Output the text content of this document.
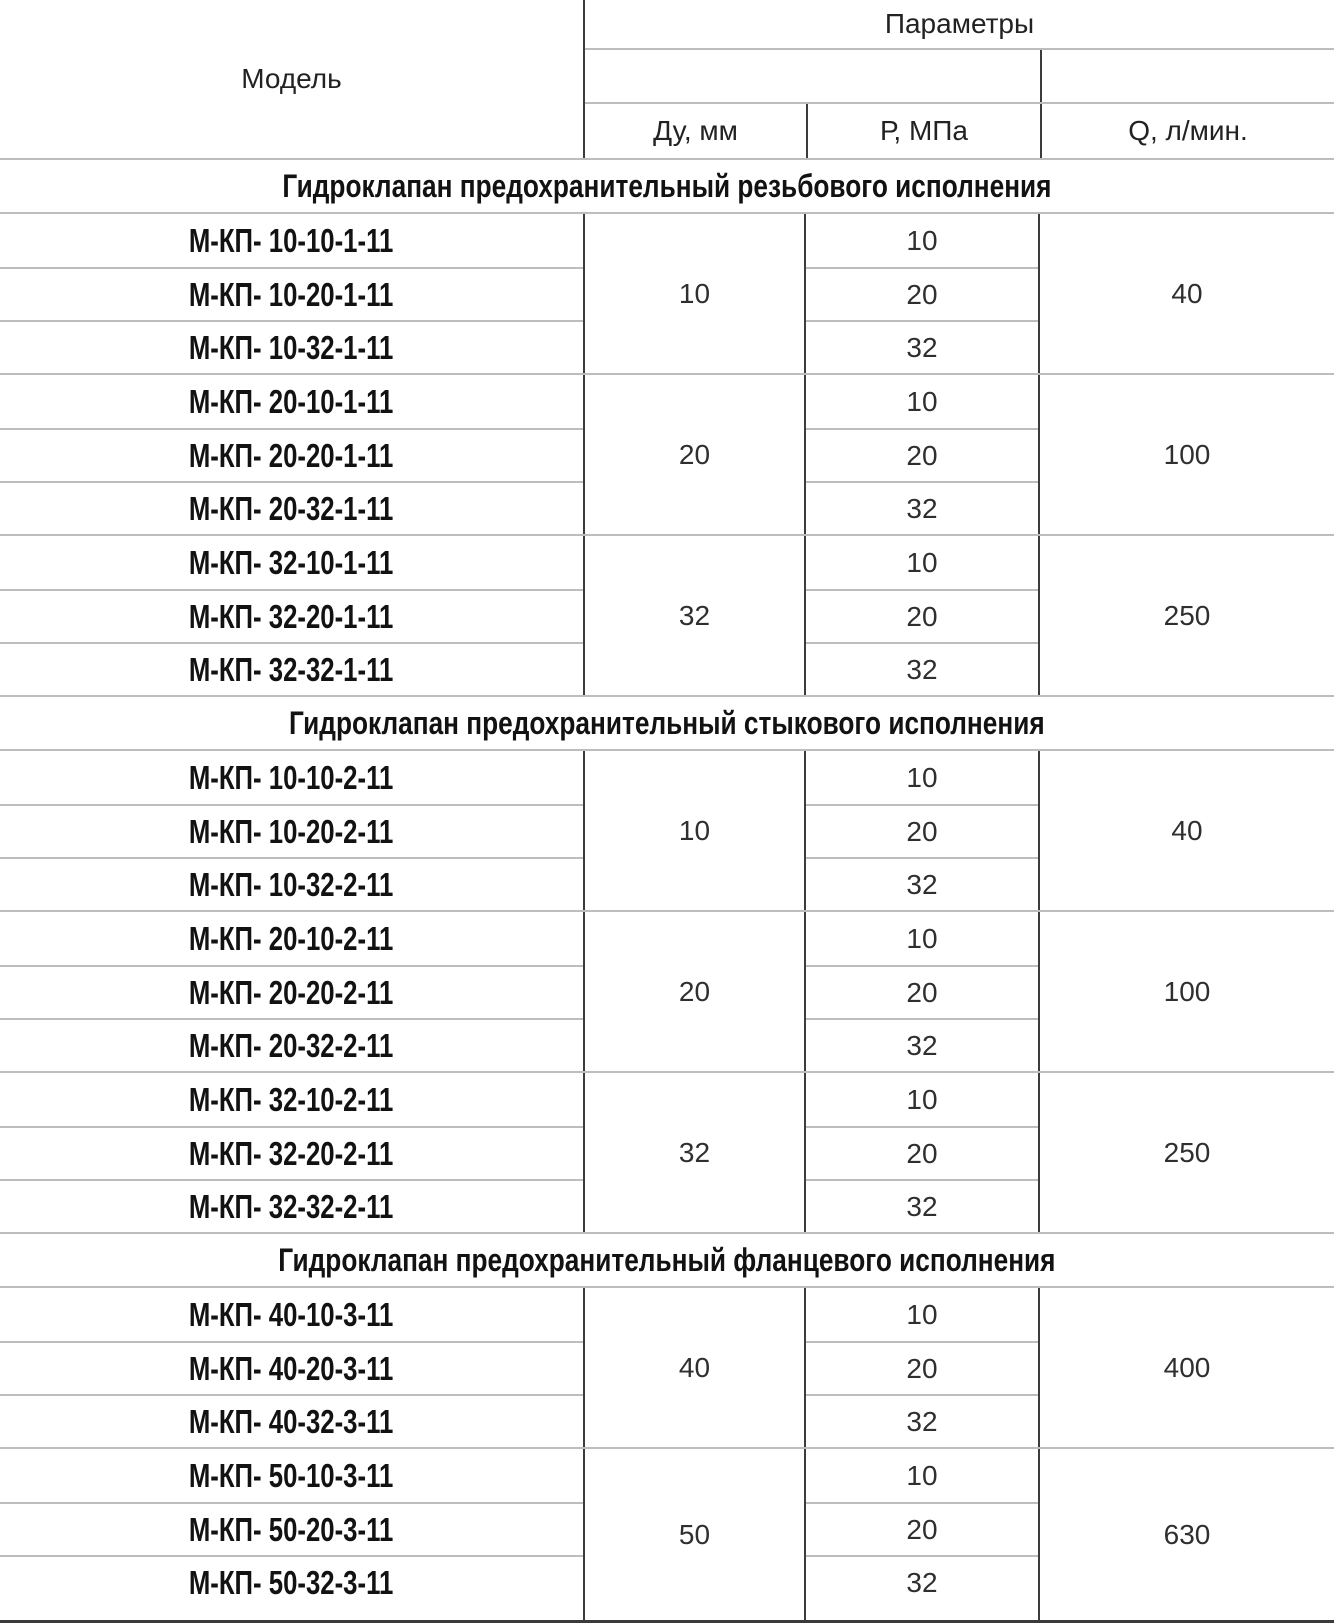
Модель
Параметры
Ду, мм	Р, МПа	Q, л/мин.
Гидроклапан предохранительный резьбового исполнения
М-КП- 10-10-1-11
М-КП- 10-20-1-11
М-КП- 10-32-1-11
10
10
20
32
40
М-КП- 20-10-1-11
М-КП- 20-20-1-11
М-КП- 20-32-1-11
20
10
20
32
100
М-КП- 32-10-1-11
М-КП- 32-20-1-11
М-КП- 32-32-1-11
32
10
20
32
250
Гидроклапан предохранительный стыкового исполнения
М-КП- 10-10-2-11
М-КП- 10-20-2-11
М-КП- 10-32-2-11
10
10
20
32
40
М-КП- 20-10-2-11
М-КП- 20-20-2-11
М-КП- 20-32-2-11
20
10
20
32
100
М-КП- 32-10-2-11
М-КП- 32-20-2-11
М-КП- 32-32-2-11
32
10
20
32
250
Гидроклапан предохранительный фланцевого исполнения
М-КП- 40-10-3-11
М-КП- 40-20-3-11
М-КП- 40-32-3-11
40
10
20
32
400
М-КП- 50-10-3-11
М-КП- 50-20-3-11
М-КП- 50-32-3-11
50
10
20
32
630
